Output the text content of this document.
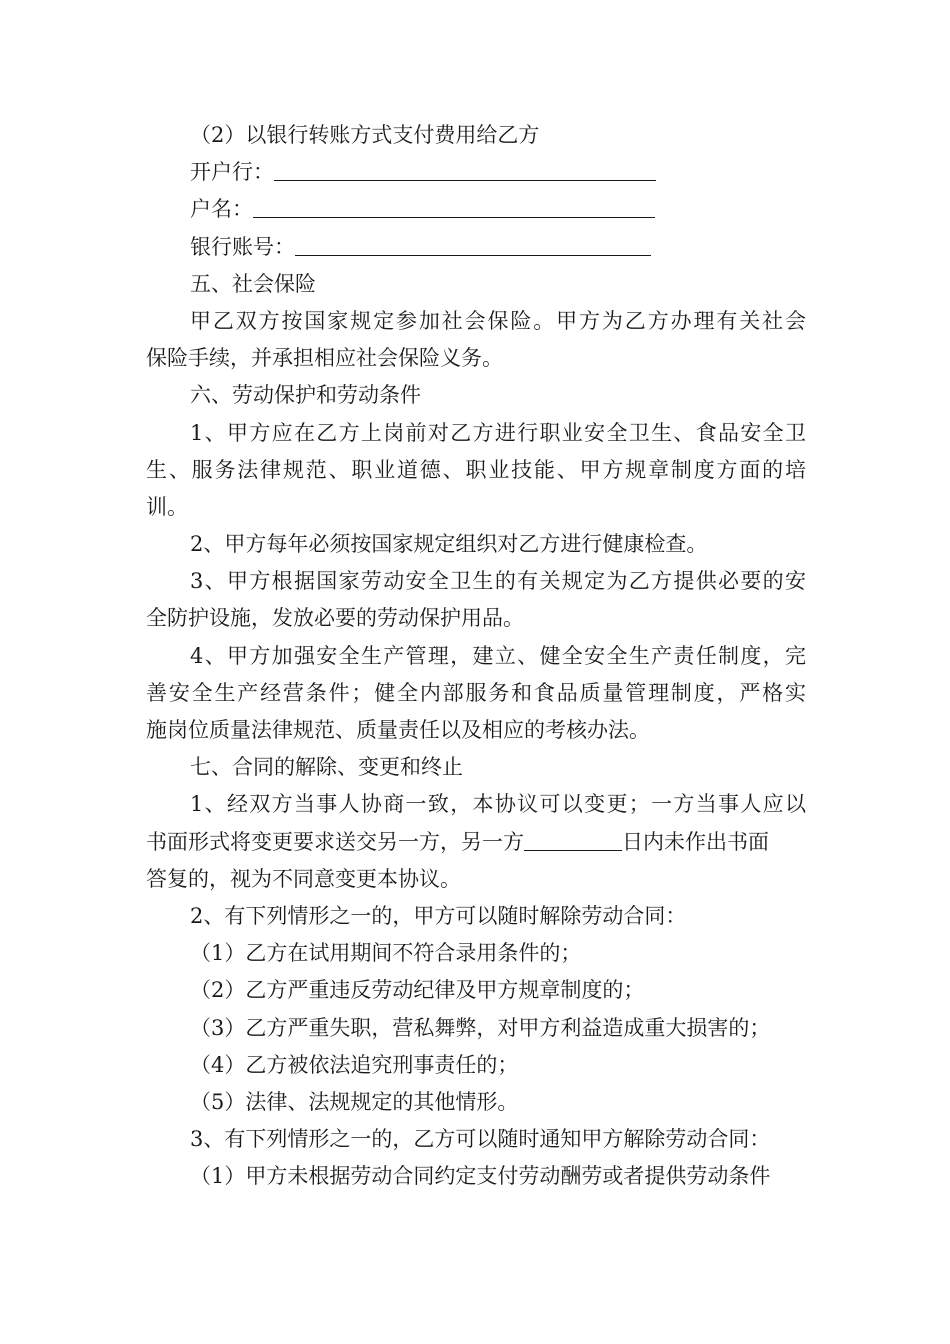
（2）以银行转账方式支付费用给乙方
开户行：
户名：
银行账号：
五、社会保险
甲乙双方按国家规定参加社会保险。甲方为乙方办理有关社会
保险手续，并承担相应社会保险义务。
六、劳动保护和劳动条件
1、甲方应在乙方上岗前对乙方进行职业安全卫生、食品安全卫
生、服务法律规范、职业道德、职业技能、甲方规章制度方面的培
训。
2、甲方每年必须按国家规定组织对乙方进行健康检查。
3、甲方根据国家劳动安全卫生的有关规定为乙方提供必要的安
全防护设施，发放必要的劳动保护用品。
4、甲方加强安全生产管理，建立、健全安全生产责任制度，完
善安全生产经营条件；健全内部服务和食品质量管理制度，严格实
施岗位质量法律规范、质量责任以及相应的考核办法。
七、合同的解除、变更和终止
1、经双方当事人协商一致，本协议可以变更；一方当事人应以
书面形式将变更要求送交另一方，另一方	日内未作出书面
答复的，视为不同意变更本协议。
2、有下列情形之一的，甲方可以随时解除劳动合同：
（1）乙方在试用期间不符合录用条件的；
（2）乙方严重违反劳动纪律及甲方规章制度的；
（3）乙方严重失职，营私舞弊，对甲方利益造成重大损害的；
（4）乙方被依法追究刑事责任的；
（5）法律、法规规定的其他情形。
3、有下列情形之一的，乙方可以随时通知甲方解除劳动合同：
（1）甲方未根据劳动合同约定支付劳动酬劳或者提供劳动条件
